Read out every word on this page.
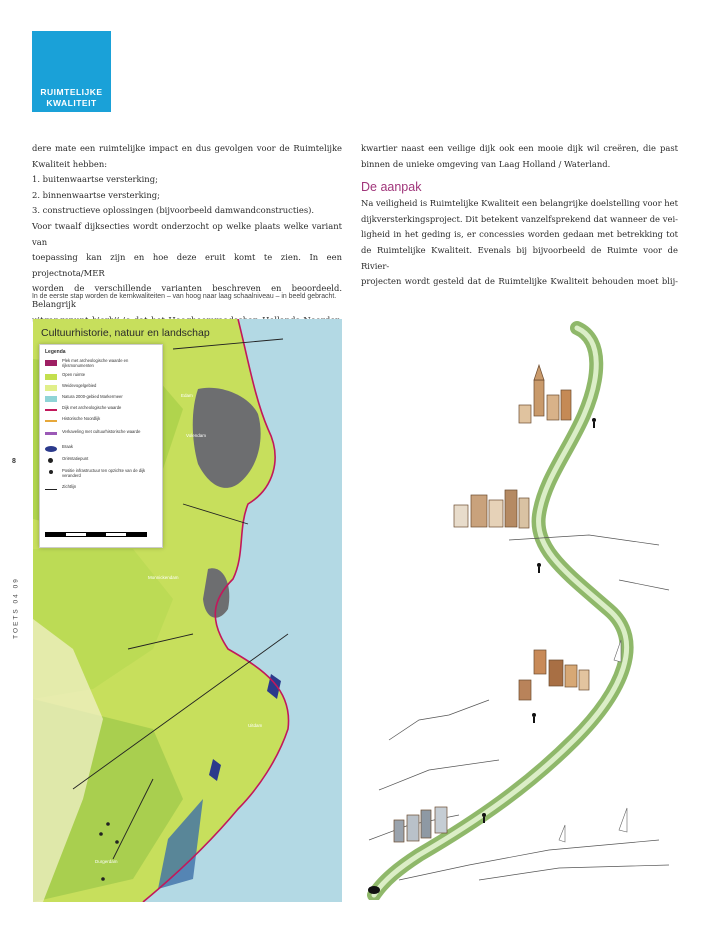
RUIMTELIJKE
KWALITEIT

dere mate een ruimtelijke impact en dus gevolgen voor de Ruimtelijke

Kwaliteit hebben:

1. buitenwaartse versterking;

2. binnenwaartse versterking;

3. constructieve oplossingen (bijvoorbeeld damwandconstructies).

Voor twaalf dijksecties wordt onderzocht op welke plaats welke variant van

toepassing kan zijn en hoe deze eruit komt te zien. In een projectnota/MER

worden de verschillende varianten beschreven en beoordeeld. Belangrijk

kwartier naast een veilige dijk ook een mooie dijk wil creëren, die past

binnen de unieke omgeving van Laag Holland / Waterland.

De aanpak

Na veiligheid is Ruimtelijke Kwaliteit een belangrijke doelstelling voor het

dijkversterkingsproject. Dit betekent vanzelfsprekend dat wanneer de vei-

ligheid in het geding is, er concessies worden gedaan met betrekking tot

de Ruimtelijke Kwaliteit. Evenals bij bijvoorbeeld de Ruimte voor de Rivier-

projecten wordt gesteld dat de Ruimtelijke Kwaliteit behouden moet blij-

In de eerste stap worden de kernkwaliteiten – van hoog naar laag schaalniveau – in beeld gebracht.
8
TOETS 04 09
Cultuurhistorie, natuur en landschap
Legenda
Plek met archeologische waarde en rijksmonumenten
Open ruimte
Weidevogelgebied
Natura 2000-gebied Markermeer
Dijk met archeologische waarde
Historische Noordlijk
Verkaveling met cultuurhistorische waarde
Braak
Oriëntatiepunt
Positie infrastructuur ten opzichte van de dijk veranderd
Zichtlijn
Edam
Volendam
Monnickendam
Uitdam
Durgerdam
